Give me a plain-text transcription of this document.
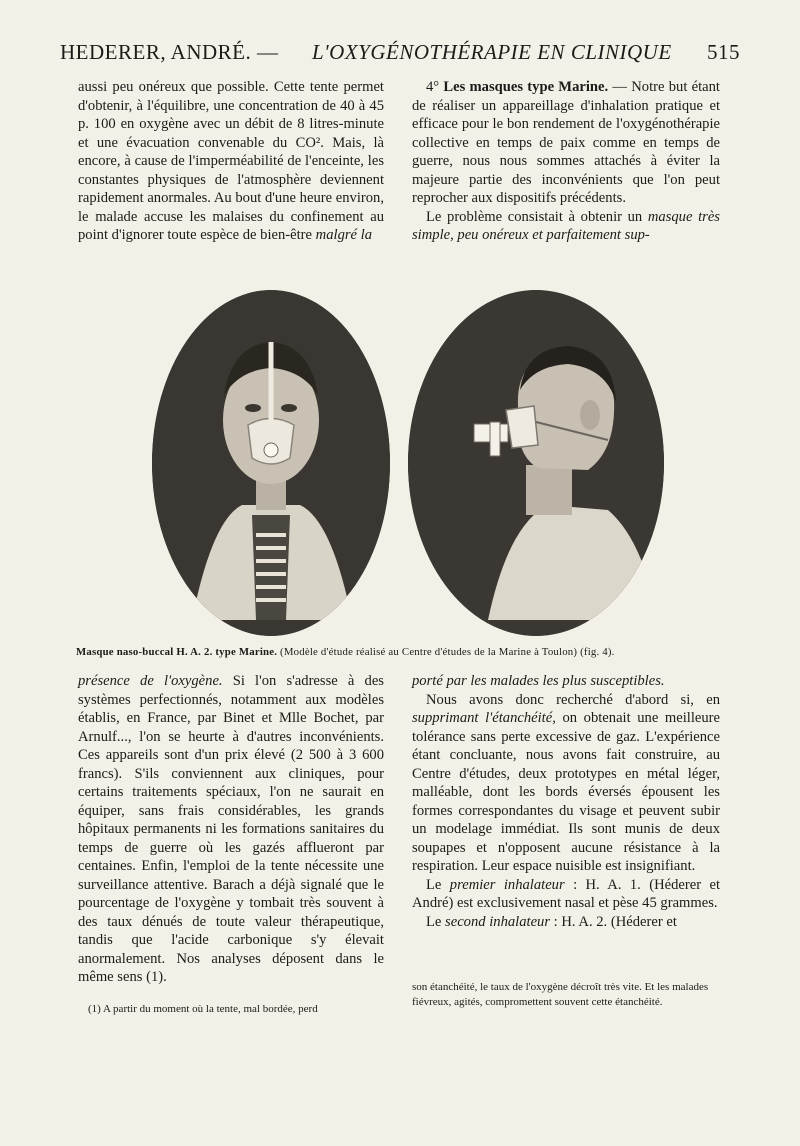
HEDERER, ANDRÉ. — L'OXYGÉNOTHÉRAPIE EN CLINIQUE 515

aussi peu onéreux que possible. Cette tente permet d'obtenir, à l'équilibre, une concentration de 40 à 45 p. 100 en oxygène avec un débit de 8 litres-minute et une évacuation convenable du CO². Mais, là encore, à cause de l'imperméabilité de l'enceinte, les constantes physiques de l'atmosphère deviennent rapidement anormales. Au bout d'une heure environ, le malade accuse les malaises du confinement au point d'ignorer toute espèce de bien-être malgré la

4° Les masques type Marine. — Notre but étant de réaliser un appareillage d'inhalation pratique et efficace pour le bon rendement de l'oxygénothérapie collective en temps de paix comme en temps de guerre, nous nous sommes attachés à éviter la majeure partie des inconvénients que l'on peut reprocher aux dispositifs précédents.

Le problème consistait à obtenir un masque très simple, peu onéreux et parfaitement sup-

Masque naso-buccal H. A. 2. type Marine. (Modèle d'étude réalisé au Centre d'études de la Marine à Toulon) (fig. 4).

présence de l'oxygène. Si l'on s'adresse à des systèmes perfectionnés, notamment aux modèles établis, en France, par Binet et Mlle Bochet, par Arnulf..., l'on se heurte à d'autres inconvénients. Ces appareils sont d'un prix élevé (2 500 à 3 600 francs). S'ils conviennent aux cliniques, pour certains traitements spéciaux, l'on ne saurait en équiper, sans frais considérables, les grands hôpitaux permanents ni les formations sanitaires du temps de guerre où les gazés afflueront par centaines. Enfin, l'emploi de la tente nécessite une surveillance attentive. Barach a déjà signalé que le pourcentage de l'oxygène y tombait très souvent à des taux dénués de toute valeur thérapeutique, tandis que l'acide carbonique s'y élevait anormalement. Nos analyses déposent dans le même sens (1).

porté par les malades les plus susceptibles.

Nous avons donc recherché d'abord si, en supprimant l'étanchéité, on obtenait une meilleure tolérance sans perte excessive de gaz. L'expérience étant concluante, nous avons fait construire, au Centre d'études, deux prototypes en métal léger, malléable, dont les bords éversés épousent les formes correspondantes du visage et peuvent subir un modelage immédiat. Ils sont munis de deux soupapes et n'opposent aucune résistance à la respiration. Leur espace nuisible est insignifiant.

Le premier inhalateur : H. A. 1. (Héderer et André) est exclusivement nasal et pèse 45 grammes.

Le second inhalateur : H. A. 2. (Héderer et

(1) A partir du moment où la tente, mal bordée, perd
son étanchéité, le taux de l'oxygène décroît très vite. Et les malades fiévreux, agités, compromettent souvent cette étanchéité.
